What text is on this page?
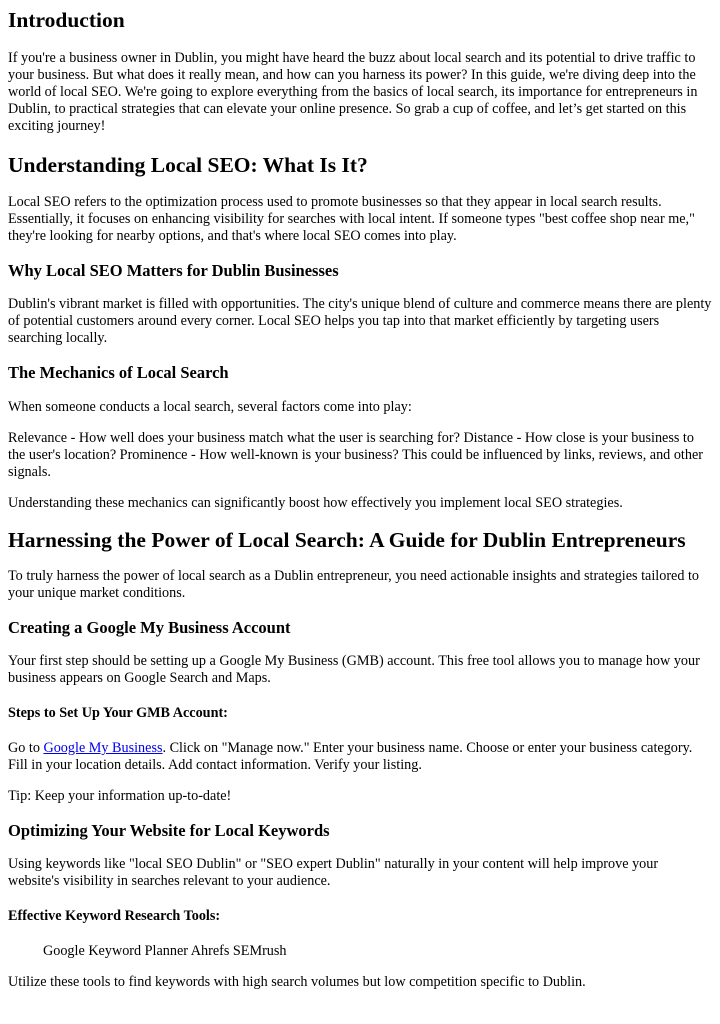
Introduction

If you're a business owner in Dublin, you might have heard the buzz about local search and its potential to drive traffic to your business. But what does it really mean, and how can you harness its power? In this guide, we're diving deep into the world of local SEO. We're going to explore everything from the basics of local search, its importance for entrepreneurs in Dublin, to practical strategies that can elevate your online presence. So grab a cup of coffee, and let’s get started on this exciting journey!

Understanding Local SEO: What Is It?

Local SEO refers to the optimization process used to promote businesses so that they appear in local search results. Essentially, it focuses on enhancing visibility for searches with local intent. If someone types "best coffee shop near me," they're looking for nearby options, and that's where local SEO comes into play.

Why Local SEO Matters for Dublin Businesses

Dublin's vibrant market is filled with opportunities. The city's unique blend of culture and commerce means there are plenty of potential customers around every corner. Local SEO helps you tap into that market efficiently by targeting users searching locally.

The Mechanics of Local Search

When someone conducts a local search, several factors come into play:

Relevance - How well does your business match what the user is searching for? Distance - How close is your business to the user's location? Prominence - How well-known is your business? This could be influenced by links, reviews, and other signals.

Understanding these mechanics can significantly boost how effectively you implement local SEO strategies.

Harnessing the Power of Local Search: A Guide for Dublin Entrepreneurs

To truly harness the power of local search as a Dublin entrepreneur, you need actionable insights and strategies tailored to your unique market conditions.

Creating a Google My Business Account

Your first step should be setting up a Google My Business (GMB) account. This free tool allows you to manage how your business appears on Google Search and Maps.

Steps to Set Up Your GMB Account:

Go to Google My Business. Click on "Manage now." Enter your business name. Choose or enter your business category. Fill in your location details. Add contact information. Verify your listing.

Tip: Keep your information up-to-date!

Optimizing Your Website for Local Keywords

Using keywords like "local SEO Dublin" or "SEO expert Dublin" naturally in your content will help improve your website's visibility in searches relevant to your audience.

Effective Keyword Research Tools:

Google Keyword Planner Ahrefs SEMrush

Utilize these tools to find keywords with high search volumes but low competition specific to Dublin.
